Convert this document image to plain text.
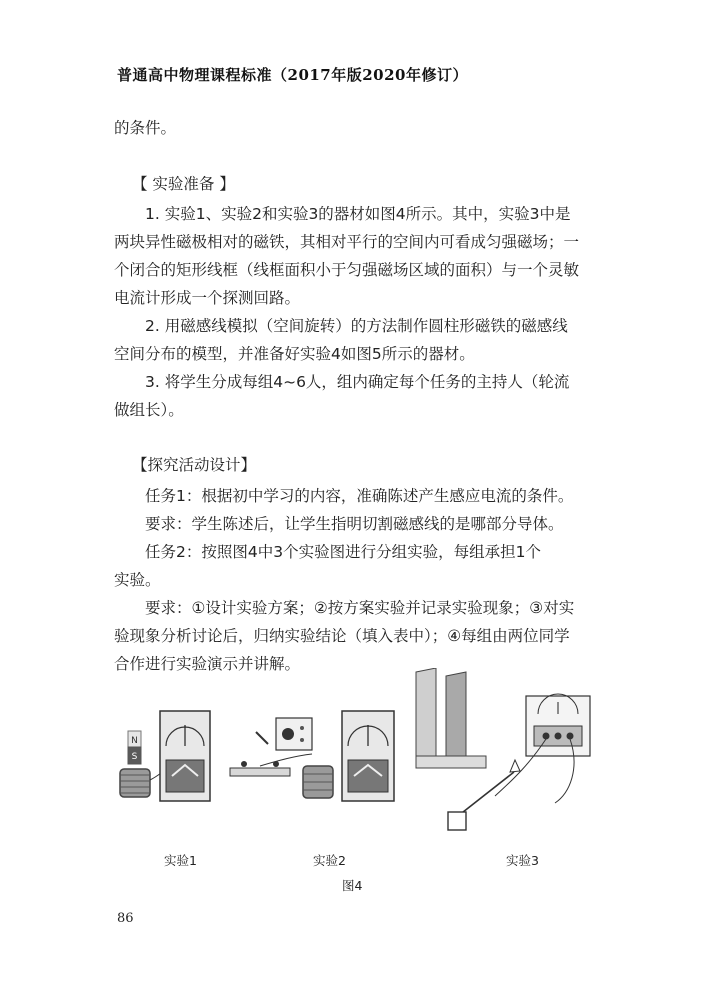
普通高中物理课程标准（2017年版2020年修订）
的条件。
【 实验准备 】
1. 实验1、实验2和实验3的器材如图4所示。其中，实验3中是
两块异性磁极相对的磁铁，其相对平行的空间内可看成匀强磁场；一
个闭合的矩形线框（线框面积小于匀强磁场区域的面积）与一个灵敏
电流计形成一个探测回路。
2. 用磁感线模拟（空间旋转）的方法制作圆柱形磁铁的磁感线
空间分布的模型，并准备好实验4如图5所示的器材。
3. 将学生分成每组4~6人，组内确定每个任务的主持人（轮流
做组长）。
【探究活动设计】
任务1：根据初中学习的内容，准确陈述产生感应电流的条件。
要求：学生陈述后，让学生指明切割磁感线的是哪部分导体。
任务2：按照图4中3个实验图进行分组实验，每组承担1个
实验。
要求：①设计实验方案；②按方案实验并记录实验现象；③对实
验现象分析讨论后，归纳实验结论（填入表中）；④每组由两位同学
合作进行实验演示并讲解。
N
S
实验1	实验2	实验3
图4
86
